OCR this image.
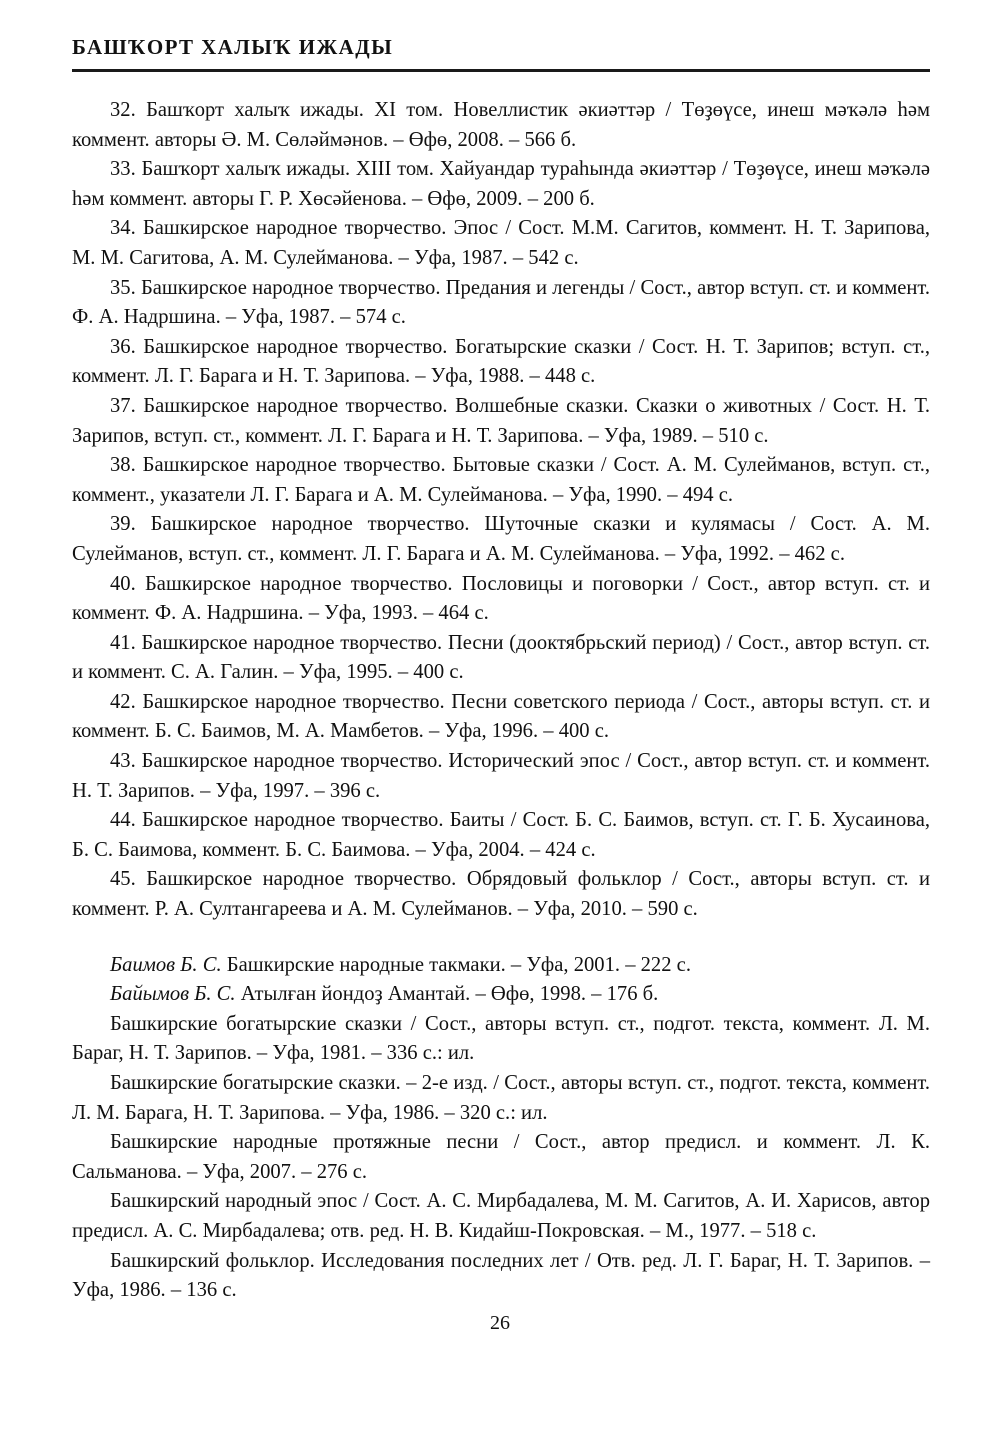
БАШҠОРТ ХАЛЫҠ ИЖАДЫ

32. Башҡорт халыҡ ижады. XI том. Новеллистик әкиәттәр / Төҙөүсе, инеш мәҡәлә һәм коммент. авторы Ә. М. Сөләймәнов. – Өфө, 2008. – 566 б.

33. Башҡорт халыҡ ижады. XIII том. Хайуандар тураһында әкиәттәр / Төҙөүсе, инеш мәҡәлә һәм коммент. авторы Г. Р. Хөсәйенова. – Өфө, 2009. – 200 б.

34. Башкирское народное творчество. Эпос / Сост. М.М. Сагитов, коммент. Н. Т. Зарипова, М. М. Сагитова, А. М. Сулейманова. – Уфа, 1987. – 542 с.

35. Башкирское народное творчество. Предания и легенды / Сост., автор вступ. ст. и коммент. Ф. А. Надршина. – Уфа, 1987. – 574 с.

36. Башкирское народное творчество. Богатырские сказки / Сост. Н. Т. Зарипов; вступ. ст., коммент. Л. Г. Барага и Н. Т. Зарипова. – Уфа, 1988. – 448 с.

37. Башкирское народное творчество. Волшебные сказки. Сказки о животных / Сост. Н. Т. Зарипов, вступ. ст., коммент. Л. Г. Барага и Н. Т. Зарипова. – Уфа, 1989. – 510 с.

38. Башкирское народное творчество. Бытовые сказки / Сост. А. М. Сулейманов, вступ. ст., коммент., указатели Л. Г. Барага и А. М. Сулейманова. – Уфа, 1990. – 494 с.

39. Башкирское народное творчество. Шуточные сказки и кулямасы / Сост. А. М. Сулейманов, вступ. ст., коммент. Л. Г. Барага и А. М. Сулейманова. – Уфа, 1992. – 462 с.

40. Башкирское народное творчество. Пословицы и поговорки / Сост., автор вступ. ст. и коммент. Ф. А. Надршина. – Уфа, 1993. – 464 с.

41. Башкирское народное творчество. Песни (дооктябрьский период) / Сост., автор вступ. ст. и коммент. С. А. Галин. – Уфа, 1995. – 400 с.

42. Башкирское народное творчество. Песни советского периода / Сост., авторы вступ. ст. и коммент. Б. С. Баимов, М. А. Мамбетов. – Уфа, 1996. – 400 с.

43. Башкирское народное творчество. Исторический эпос / Сост., автор вступ. ст. и коммент. Н. Т. Зарипов. – Уфа, 1997. – 396 с.

44. Башкирское народное творчество. Баиты / Сост. Б. С. Баимов, вступ. ст. Г. Б. Хусаинова, Б. С. Баимова, коммент. Б. С. Баимова. – Уфа, 2004. – 424 с.

45. Башкирское народное творчество. Обрядовый фольклор / Сост., авторы вступ. ст. и коммент. Р. А. Султангареева и А. М. Сулейманов. – Уфа, 2010. – 590 с.

Баимов Б. С. Башкирские народные такмаки. – Уфа, 2001. – 222 с.

Байымов Б. С. Атылған йондоҙ Амантай. – Өфө, 1998. – 176 б.

Башкирские богатырские сказки / Сост., авторы вступ. ст., подгот. текста, коммент. Л. М. Бараг, Н. Т. Зарипов. – Уфа, 1981. – 336 с.: ил.

Башкирские богатырские сказки. – 2-е изд. / Сост., авторы вступ. ст., подгот. текста, коммент. Л. М. Барага, Н. Т. Зарипова. – Уфа, 1986. – 320 с.: ил.

Башкирские народные протяжные песни / Сост., автор предисл. и коммент. Л. К. Сальманова. – Уфа, 2007. – 276 с.

Башкирский народный эпос / Сост. А. С. Мирбадалева, М. М. Сагитов, А. И. Харисов, автор предисл. А. С. Мирбадалева; отв. ред. Н. В. Кидайш-Покровская. – М., 1977. – 518 с.

Башкирский фольклор. Исследования последних лет / Отв. ред. Л. Г. Бараг, Н. Т. Зарипов. – Уфа, 1986. – 136 с.

26
